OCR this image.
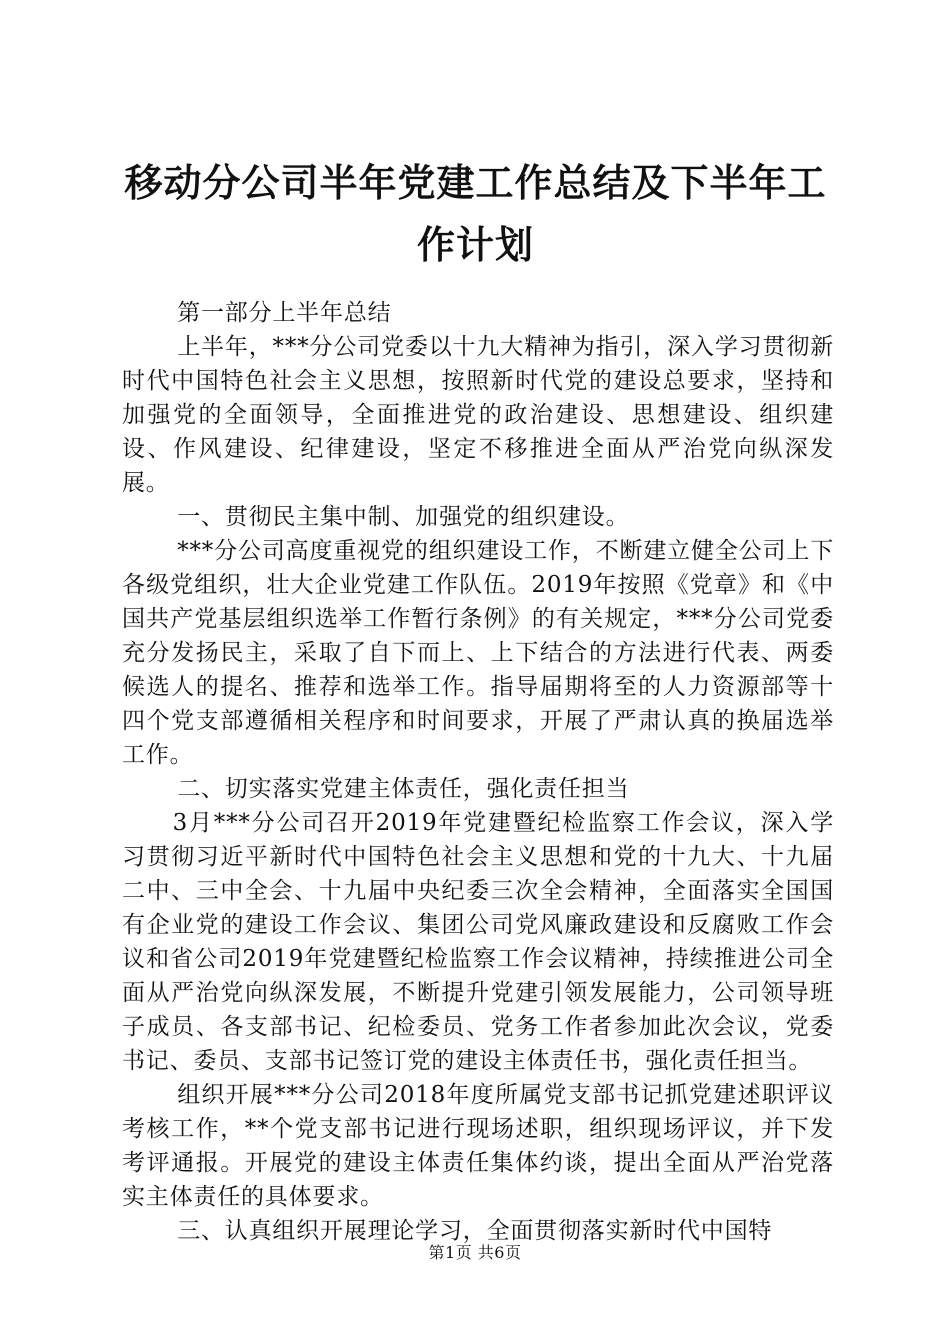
移动分公司半年党建工作总结及下半年工作计划

第一部分上半年总结

上半年，***分公司党委以十九大精神为指引，深入学习贯彻新时代中国特色社会主义思想，按照新时代党的建设总要求，坚持和加强党的全面领导，全面推进党的政治建设、思想建设、组织建设、作风建设、纪律建设，坚定不移推进全面从严治党向纵深发展。

一、贯彻民主集中制、加强党的组织建设。

***分公司高度重视党的组织建设工作，不断建立健全公司上下各级党组织，壮大企业党建工作队伍。2019年按照《党章》和《中国共产党基层组织选举工作暂行条例》的有关规定，***分公司党委充分发扬民主，采取了自下而上、上下结合的方法进行代表、两委候选人的提名、推荐和选举工作。指导届期将至的人力资源部等十四个党支部遵循相关程序和时间要求，开展了严肃认真的换届选举工作。

二、切实落实党建主体责任，强化责任担当

3月***分公司召开2019年党建暨纪检监察工作会议，深入学习贯彻习近平新时代中国特色社会主义思想和党的十九大、十九届二中、三中全会、十九届中央纪委三次全会精神，全面落实全国国有企业党的建设工作会议、集团公司党风廉政建设和反腐败工作会议和省公司2019年党建暨纪检监察工作会议精神，持续推进公司全面从严治党向纵深发展，不断提升党建引领发展能力，公司领导班子成员、各支部书记、纪检委员、党务工作者参加此次会议，党委书记、委员、支部书记签订党的建设主体责任书，强化责任担当。

组织开展***分公司2018年度所属党支部书记抓党建述职评议考核工作，**个党支部书记进行现场述职，组织现场评议，并下发考评通报。开展党的建设主体责任集体约谈，提出全面从严治党落实主体责任的具体要求。

三、认真组织开展理论学习，全面贯彻落实新时代中国特

第1页 共6页
